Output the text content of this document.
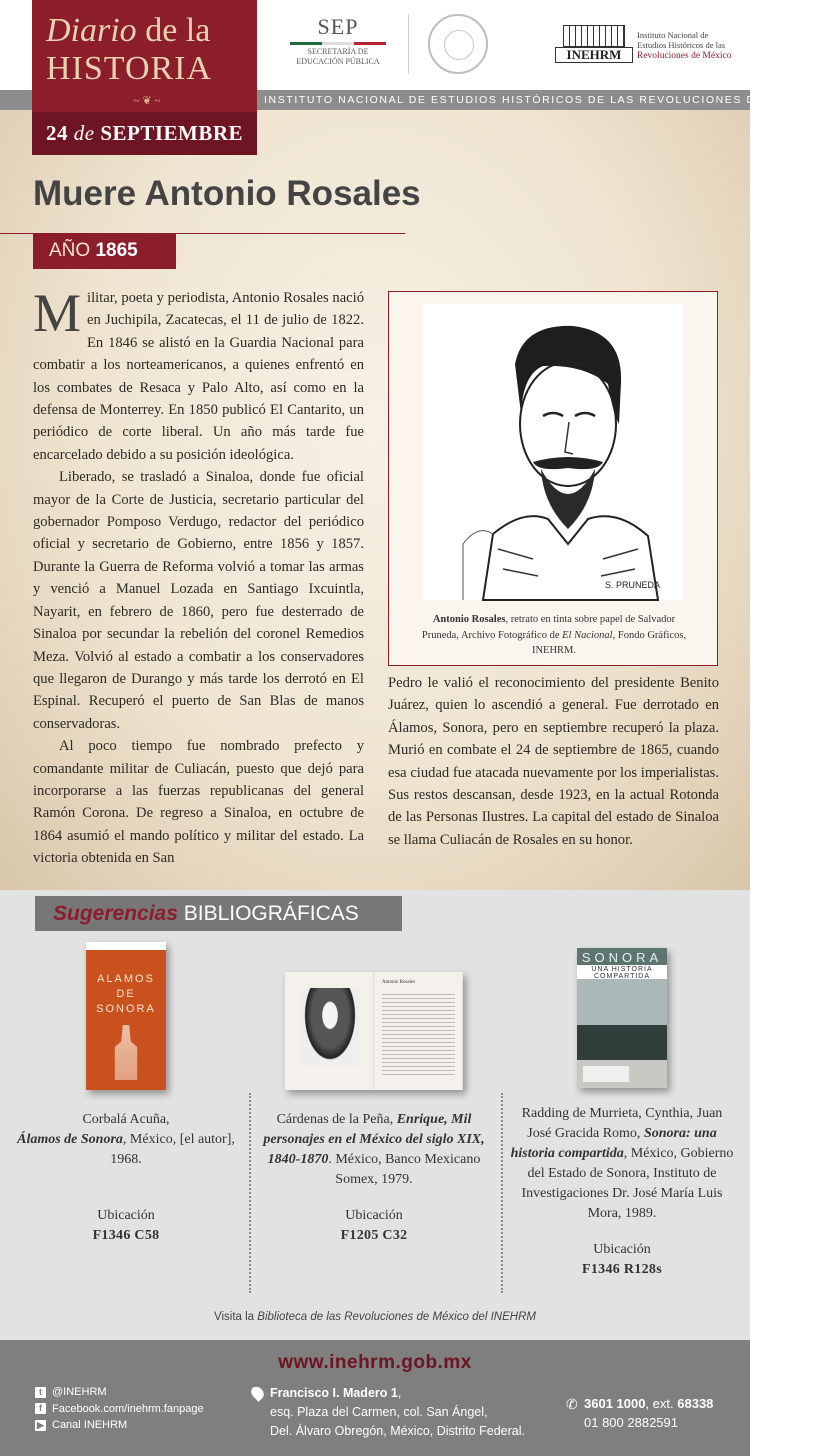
SEP
SECRETARÍA DE
EDUCACIÓN PÚBLICA	INEHRM
Instituto Nacional de
Estudios Históricos de las
Revoluciones de México
INSTITUTO NACIONAL DE ESTUDIOS HISTÓRICOS DE LAS REVOLUCIONES DE MÉXICO
Diario de la
HISTORIA
~ ❦ ~
24 de SEPTIEMBRE
Muere Antonio Rosales
AÑO 1865

Militar, poeta y periodista, Antonio Rosales nació en Juchipila, Zacatecas, el 11 de julio de 1822. En 1846 se alistó en la Guardia Nacional para combatir a los norteamericanos, a quienes enfrentó en los combates de Resaca y Palo Alto, así como en la defensa de Monterrey. En 1850 publicó El Cantarito, un periódico de corte liberal. Un año más tarde fue encarcelado debido a su posición ideológica.

Liberado, se trasladó a Sinaloa, donde fue oficial mayor de la Corte de Justicia, secretario particular del gobernador Pomposo Verdugo, redactor del periódico oficial y secretario de Gobierno, entre 1856 y 1857. Durante la Guerra de Reforma volvió a tomar las armas y venció a Manuel Lozada en Santiago Ixcuintla, Nayarit, en febrero de 1860, pero fue desterrado de Sinaloa por secundar la rebelión del coronel Remedios Meza. Volvió al estado a combatir a los conservadores que llegaron de Durango y más tarde los derrotó en El Espinal. Recuperó el puerto de San Blas de manos conservadoras.

Al poco tiempo fue nombrado prefecto y comandante militar de Culiacán, puesto que dejó para incorporarse a las fuerzas republicanas del general Ramón Corona. De regreso a Sinaloa, en octubre de 1864 asumió el mando político y militar del estado. La victoria obtenida en San

S. PRUNEDA
Antonio Rosales, retrato en tinta sobre papel de Salvador Pruneda, Archivo Fotográfico de El Nacional, Fondo Gráficos, INEHRM.

Pedro le valió el reconocimiento del presidente Benito Juárez, quien lo ascendió a general. Fue derrotado en Álamos, Sonora, pero en septiembre recuperó la plaza. Murió en combate el 24 de septiembre de 1865, cuando esa ciudad fue atacada nuevamente por los imperialistas. Sus restos descansan, desde 1923, en la actual Rotonda de las Personas Ilustres. La capital del estado de Sinaloa se llama Culiacán de Rosales en su honor.

Sugerencias BIBLIOGRÁFICAS
ALAMOS DE SONORA
Corbalá Acuña,
Álamos de Sonora, México, [el autor], 1968.
Ubicación
F1346 C58
Antonio Rosales
Cárdenas de la Peña, Enrique, Mil personajes en el México del siglo XIX, 1840-1870. México, Banco Mexicano Somex, 1979.
Ubicación
F1205 C32
SONORA
UNA HISTORIA COMPARTIDA
Radding de Murrieta, Cynthia, Juan José Gracida Romo, Sonora: una historia compartida, México, Gobierno del Estado de Sonora, Instituto de Investigaciones Dr. José María Luis Mora, 1989.
Ubicación
F1346 R128s
Visita la Biblioteca de las Revoluciones de México del INEHRM
www.inehrm.gob.mx
t @INEHRM
f Facebook.com/inehrm.fanpage
▶ Canal INEHRM
Francisco I. Madero 1,
esq. Plaza del Carmen, col. San Ángel,
Del. Álvaro Obregón, México, Distrito Federal.
✆ 3601 1000, ext. 68338
01 800 2882591
